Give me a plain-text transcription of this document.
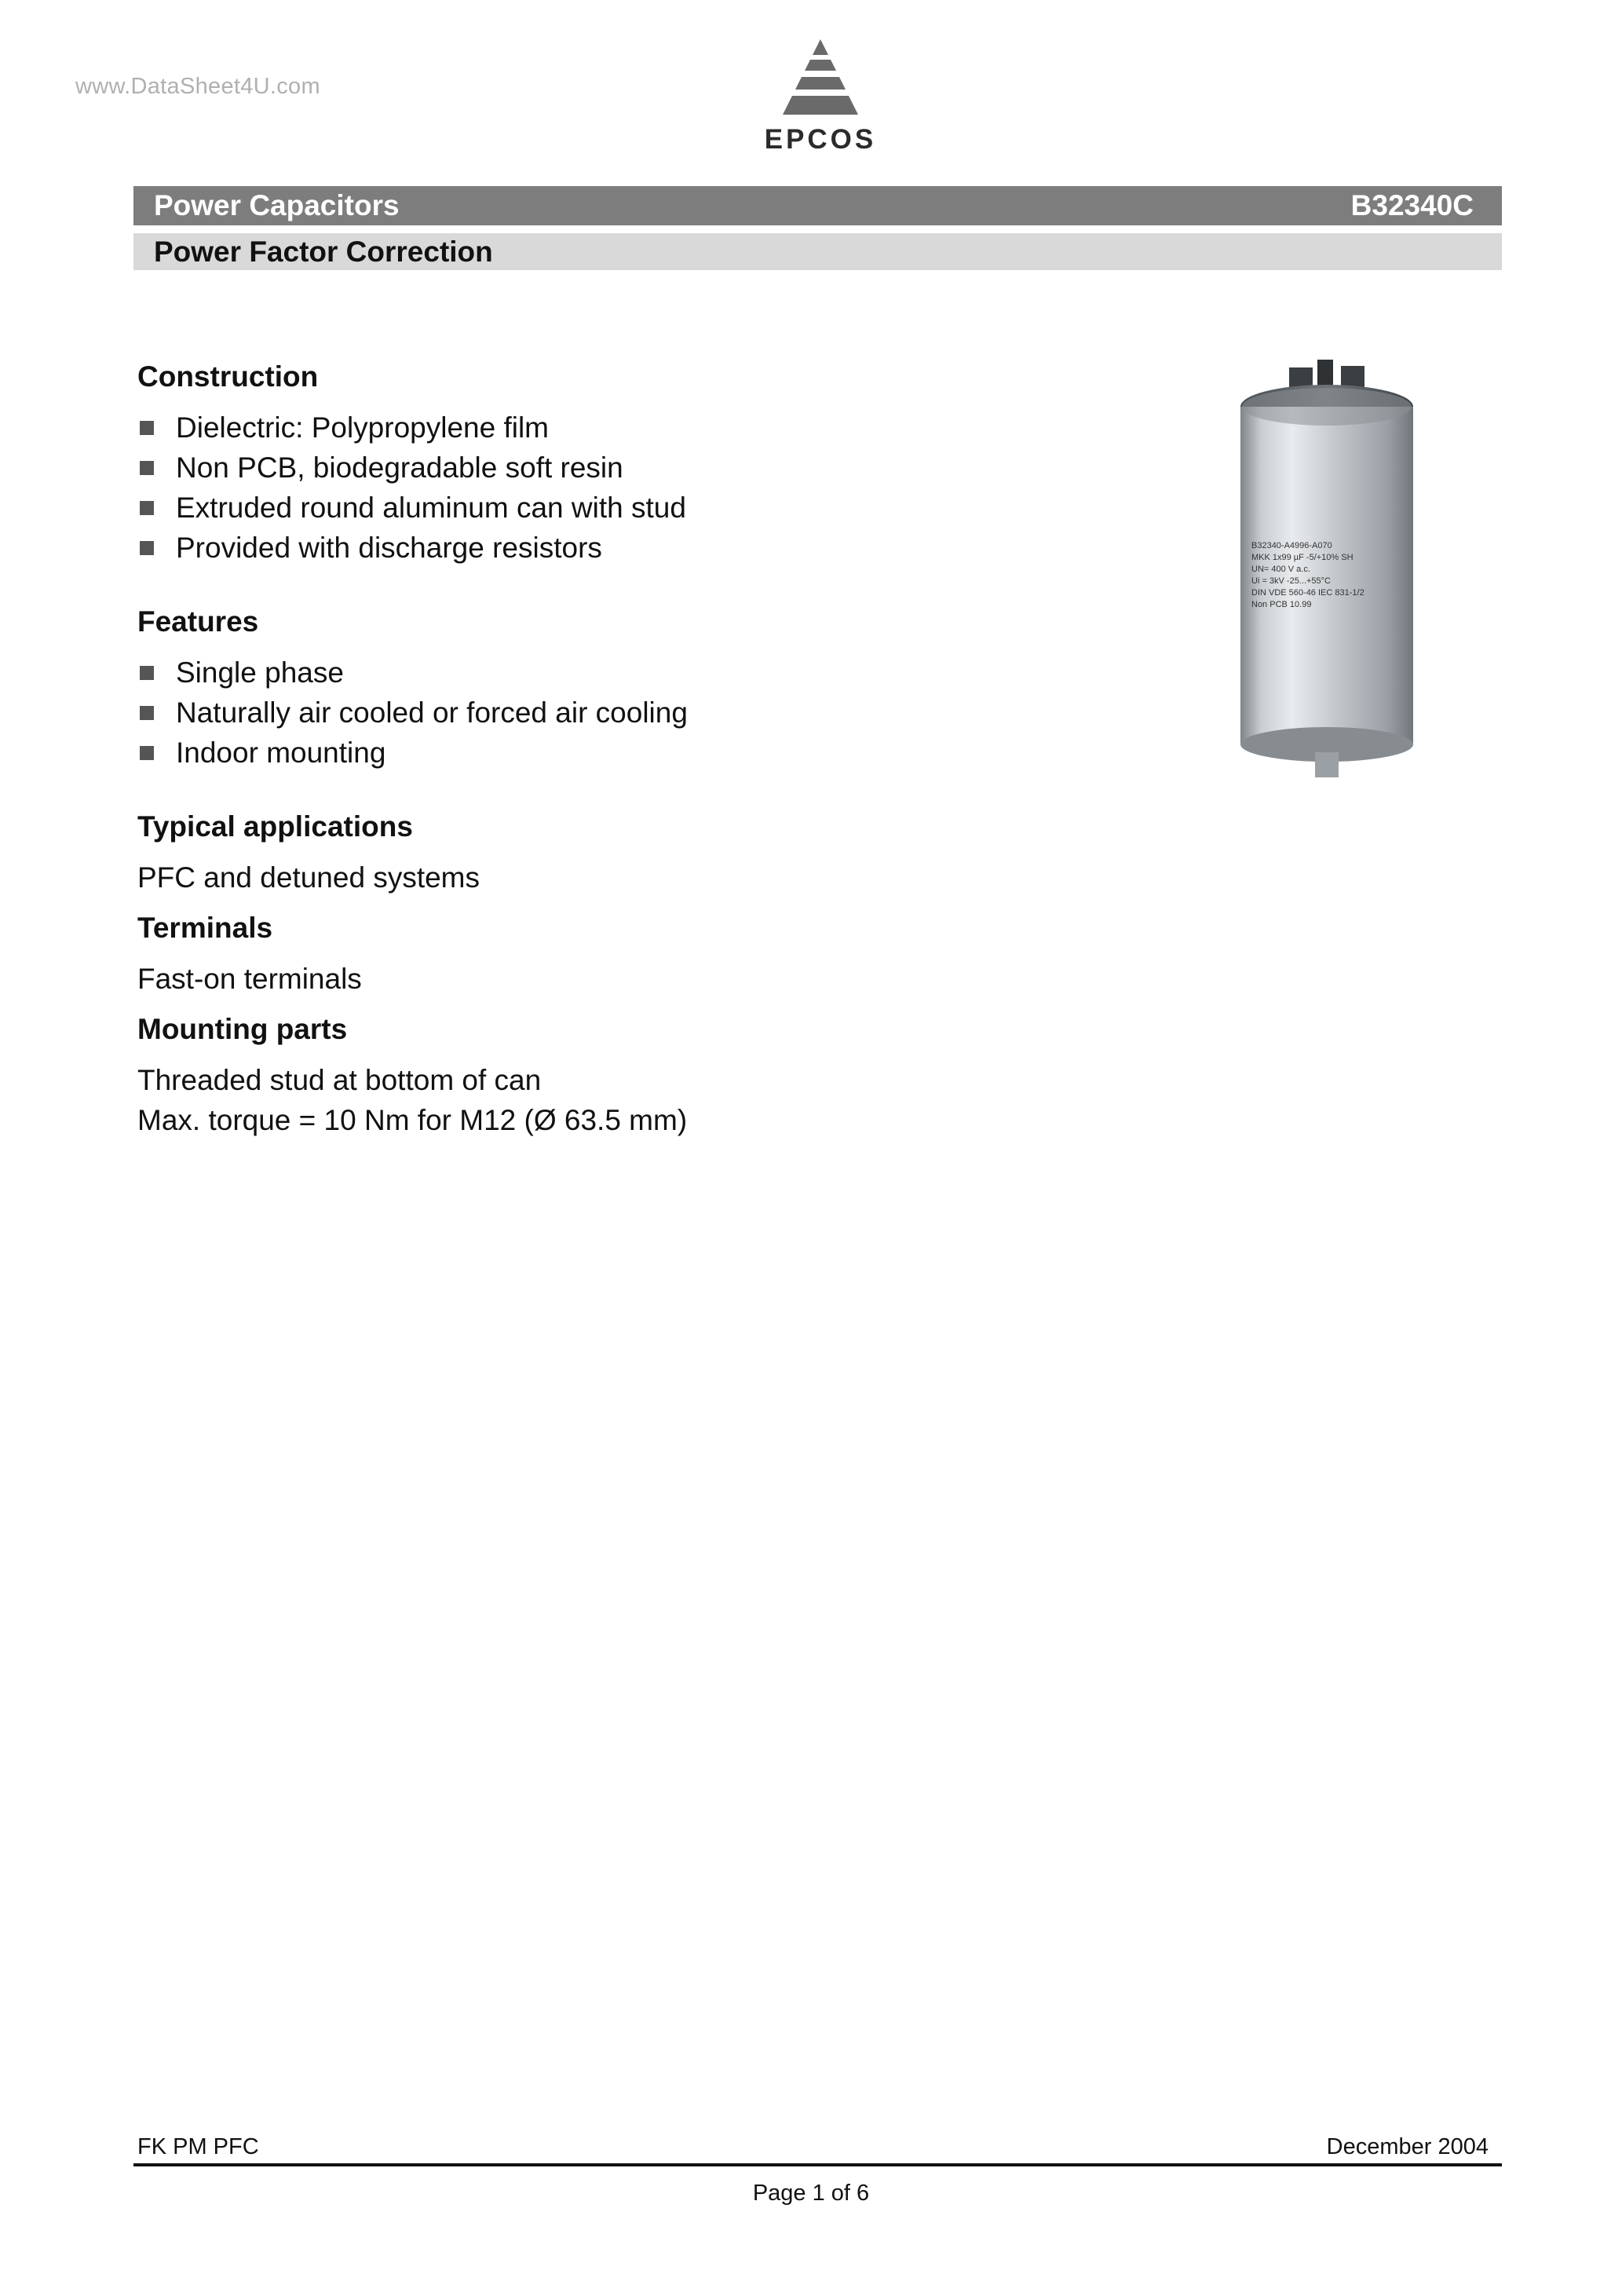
www.DataSheet4U.com
EPCOS
Power Capacitors	B32340C
Power Factor Correction
Construction
Dielectric: Polypropylene film
Non PCB, biodegradable soft resin
Extruded round aluminum can with stud
Provided with discharge resistors
Features
Single phase
Naturally air cooled or forced air cooling
Indoor mounting
Typical applications

PFC and detuned systems

Terminals

Fast-on terminals

Mounting parts

Threaded stud at bottom of can
Max. torque = 10 Nm for M12 (Ø 63.5 mm)

B32340-A4996-A070
MKK 1x99 µF -5/+10% SH
UN= 400 V a.c.
Ui = 3kV -25...+55°C
DIN VDE 560-46 IEC 831-1/2
Non PCB 10.99
FK PM PFC	December 2004
Page 1 of 6
